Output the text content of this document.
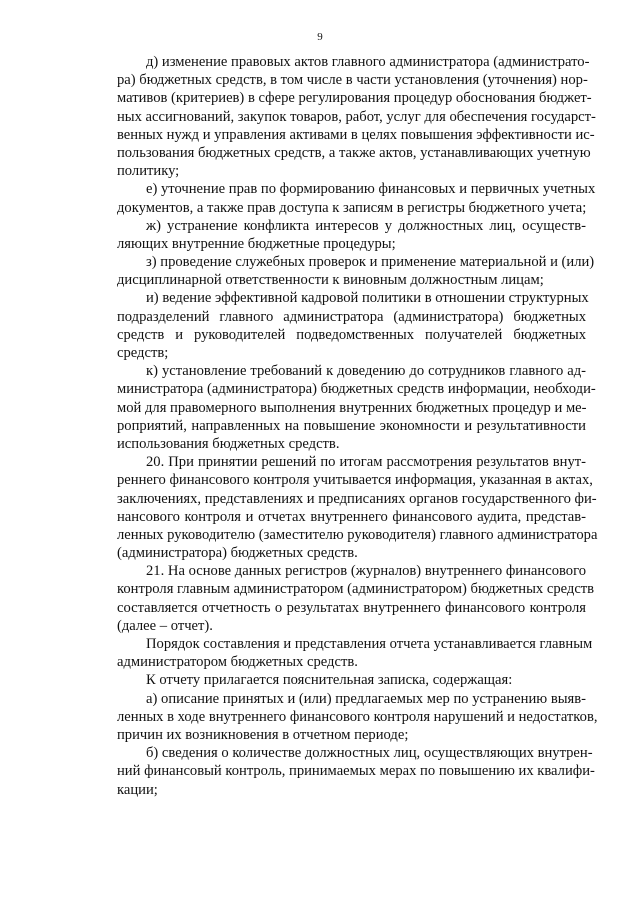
9
д) изменение правовых актов главного администратора (администрато-
ра) бюджетных средств, в том числе в части установления (уточнения) нор-
мативов (критериев) в сфере регулирования процедур обоснования бюджет-
ных ассигнований, закупок товаров, работ, услуг для обеспечения государст-
венных нужд и управления активами в целях повышения эффективности ис-
пользования бюджетных средств, а также актов, устанавливающих учетную
политику;
е) уточнение прав по формированию финансовых и первичных учетных
документов, а также прав доступа к записям в регистры бюджетного учета;
ж) устранение конфликта интересов у должностных лиц, осуществ-
ляющих внутренние бюджетные процедуры;
з) проведение служебных проверок и применение материальной и (или)
дисциплинарной ответственности к виновным должностным лицам;
и) ведение эффективной кадровой политики в отношении структурных
подразделений главного администратора (администратора) бюджетных
средств и руководителей подведомственных получателей бюджетных
средств;
к) установление требований к доведению до сотрудников главного ад-
министратора (администратора) бюджетных средств информации, необходи-
мой для правомерного выполнения внутренних бюджетных процедур и ме-
роприятий, направленных на повышение экономности и результативности
использования бюджетных средств.
20. При принятии решений по итогам рассмотрения результатов внут-
реннего финансового контроля учитывается информация, указанная в актах,
заключениях, представлениях и предписаниях органов государственного фи-
нансового контроля и отчетах внутреннего финансового аудита, представ-
ленных руководителю (заместителю руководителя) главного администратора
(администратора) бюджетных средств.
21. На основе данных регистров (журналов) внутреннего финансового
контроля главным администратором (администратором) бюджетных средств
составляется отчетность о результатах внутреннего финансового контроля
(далее – отчет).
Порядок составления и представления отчета устанавливается главным
администратором бюджетных средств.
К отчету прилагается пояснительная записка, содержащая:
а) описание принятых и (или) предлагаемых мер по устранению выяв-
ленных в ходе внутреннего финансового контроля нарушений и недостатков,
причин их возникновения в отчетном периоде;
б) сведения о количестве должностных лиц, осуществляющих внутрен-
ний финансовый контроль, принимаемых мерах по повышению их квалифи-
кации;
